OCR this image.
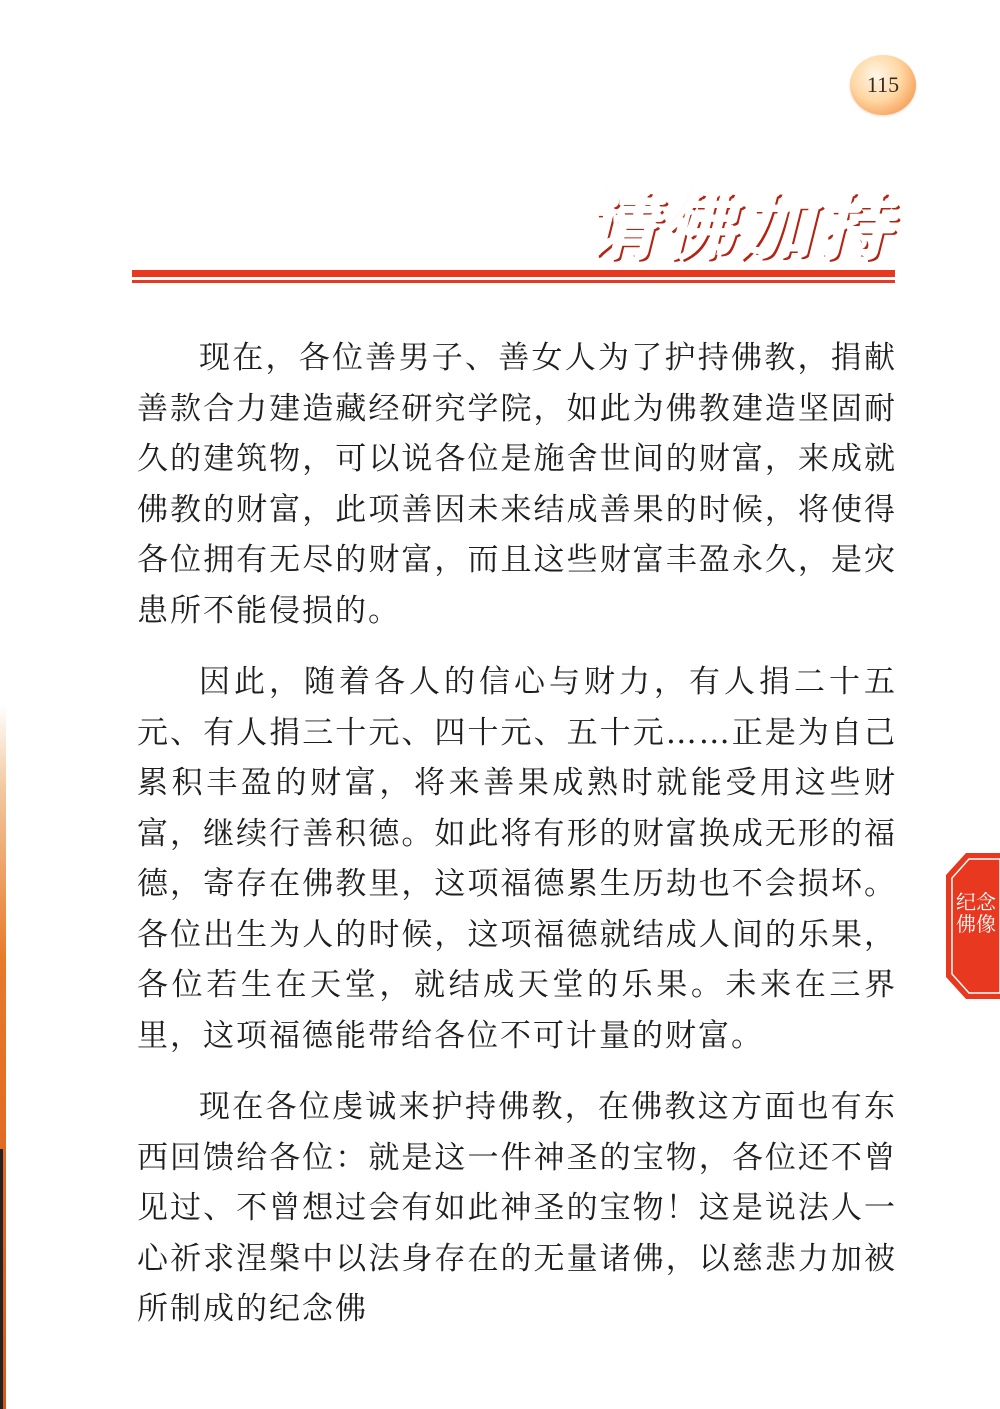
115
请佛加持

现在，各位善男子、善女人为了护持佛教，捐献善款合力建造藏经研究学院，如此为佛教建造坚固耐久的建筑物，可以说各位是施舍世间的财富，来成就佛教的财富，此项善因未来结成善果的时候，将使得各位拥有无尽的财富，而且这些财富丰盈永久，是灾患所不能侵损的。

因此，随着各人的信心与财力，有人捐二十五元、有人捐三十元、四十元、五十元……正是为自己累积丰盈的财富，将来善果成熟时就能受用这些财富，继续行善积德。如此将有形的财富换成无形的福德，寄存在佛教里，这项福德累生历劫也不会损坏。各位出生为人的时候，这项福德就结成人间的乐果，各位若生在天堂，就结成天堂的乐果。未来在三界里，这项福德能带给各位不可计量的财富。

现在各位虔诚来护持佛教，在佛教这方面也有东西回馈给各位：就是这一件神圣的宝物，各位还不曾见过、不曾想过会有如此神圣的宝物！这是说法人一心祈求涅槃中以法身存在的无量诸佛，以慈悲力加被所制成的纪念佛

纪念佛像
